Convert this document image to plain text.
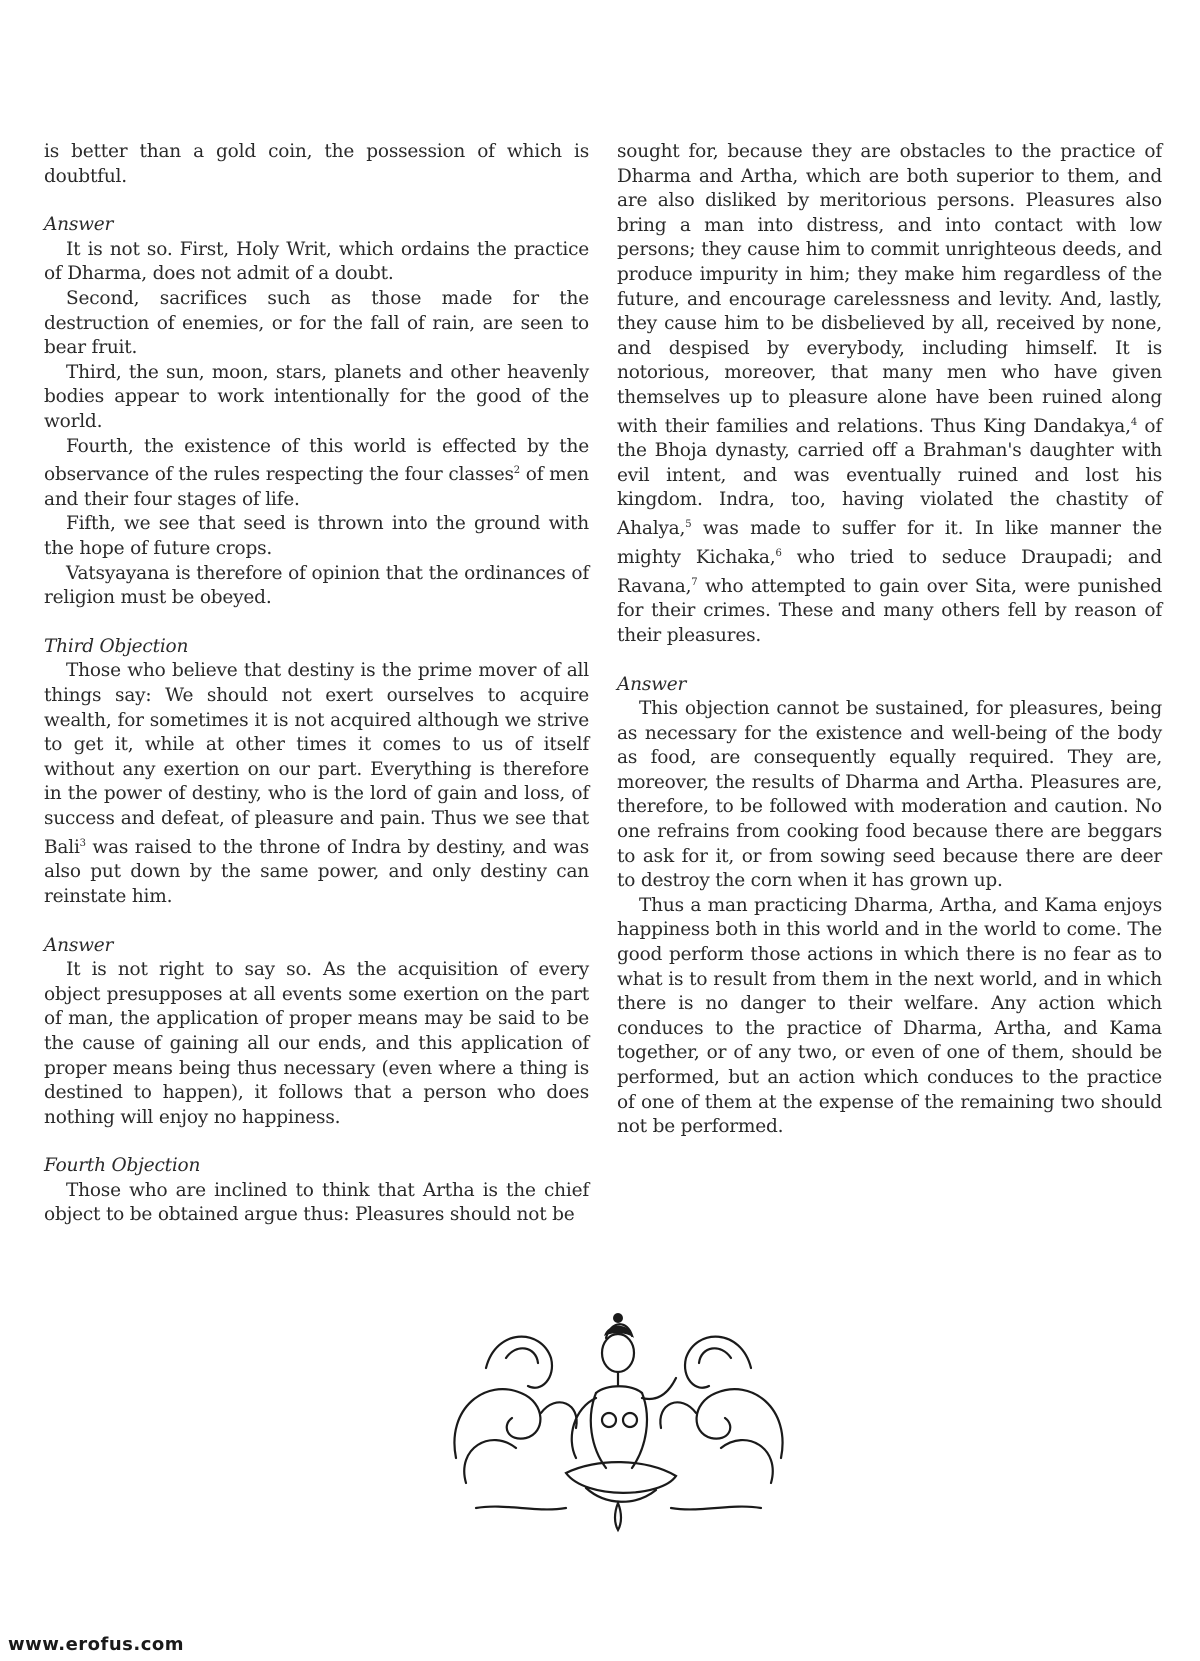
is better than a gold coin, the possession of which is doubtful.

Answer

It is not so. First, Holy Writ, which ordains the practice of Dharma, does not admit of a doubt.

Second, sacrifices such as those made for the destruction of enemies, or for the fall of rain, are seen to bear fruit.

Third, the sun, moon, stars, planets and other heavenly bodies appear to work intentionally for the good of the world.

Fourth, the existence of this world is effected by the observance of the rules respecting the four classes$^2$ of men and their four stages of life.

Fifth, we see that seed is thrown into the ground with the hope of future crops.

Vatsyayana is therefore of opinion that the ordinances of religion must be obeyed.

Third Objection

Those who believe that destiny is the prime mover of all things say: We should not exert ourselves to acquire wealth, for sometimes it is not acquired although we strive to get it, while at other times it comes to us of itself without any exertion on our part. Everything is therefore in the power of destiny, who is the lord of gain and loss, of success and defeat, of pleasure and pain. Thus we see that Bali$^3$ was raised to the throne of Indra by destiny, and was also put down by the same power, and only destiny can reinstate him.

Answer

It is not right to say so. As the acquisition of every object presupposes at all events some exertion on the part of man, the application of proper means may be said to be the cause of gaining all our ends, and this application of proper means being thus necessary (even where a thing is destined to happen), it follows that a person who does nothing will enjoy no happiness.

Fourth Objection

Those who are inclined to think that Artha is the chief object to be obtained argue thus: Pleasures should not be

sought for, because they are obstacles to the practice of Dharma and Artha, which are both superior to them, and are also disliked by meritorious persons. Pleasures also bring a man into distress, and into contact with low persons; they cause him to commit unrighteous deeds, and produce impurity in him; they make him regardless of the future, and encourage carelessness and levity. And, lastly, they cause him to be disbelieved by all, received by none, and despised by everybody, including himself. It is notorious, moreover, that many men who have given themselves up to pleasure alone have been ruined along with their families and relations. Thus King Dandakya,$^4$ of the Bhoja dynasty, carried off a Brahman's daughter with evil intent, and was eventually ruined and lost his kingdom. Indra, too, having violated the chastity of Ahalya,$^5$ was made to suffer for it. In like manner the mighty Kichaka,$^6$ who tried to seduce Draupadi; and Ravana,$^7$ who attempted to gain over Sita, were punished for their crimes. These and many others fell by reason of their pleasures.

Answer

This objection cannot be sustained, for pleasures, being as necessary for the existence and well-being of the body as food, are consequently equally required. They are, moreover, the results of Dharma and Artha. Pleasures are, therefore, to be followed with moderation and caution. No one refrains from cooking food because there are beggars to ask for it, or from sowing seed because there are deer to destroy the corn when it has grown up.

Thus a man practicing Dharma, Artha, and Kama enjoys happiness both in this world and in the world to come. The good perform those actions in which there is no fear as to what is to result from them in the next world, and in which there is no danger to their welfare. Any action which conduces to the practice of Dharma, Artha, and Kama together, or of any two, or even of one of them, should be performed, but an action which conduces to the practice of one of them at the expense of the remaining two should not be performed.

www.erofus.com
